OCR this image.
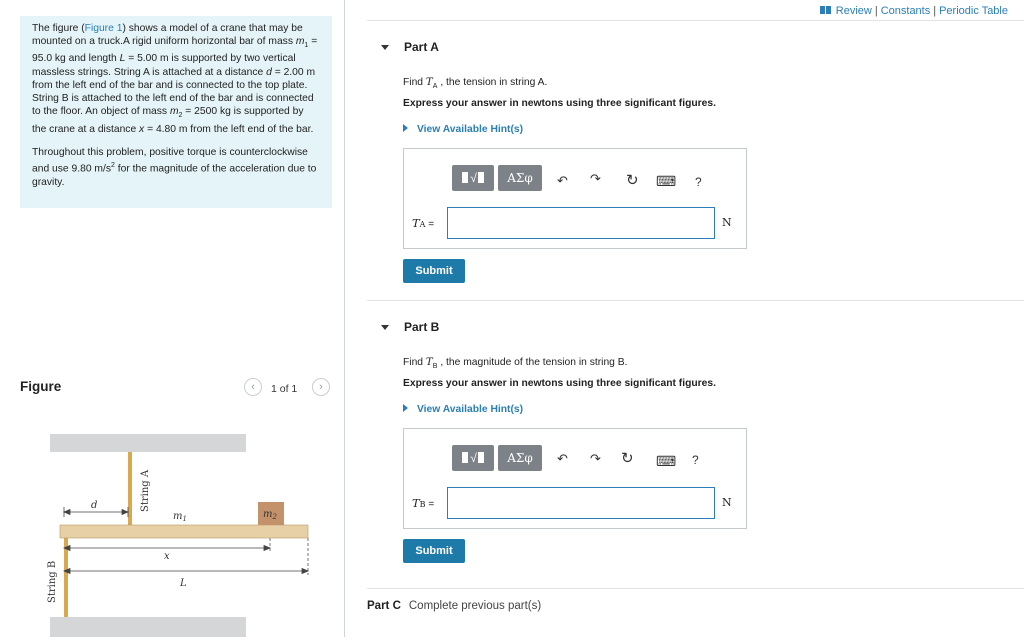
The figure (Figure 1) shows a model of a crane that may be mounted on a truck.A rigid uniform horizontal bar of mass $m_1 = 95.0$ kg and length L = 5.00 m is supported by two vertical massless strings. String A is attached at a distance d = 2.00 m from the left end of the bar and is connected to the top plate. String B is attached to the left end of the bar and is connected to the floor. An object of mass $m_2 = 2500$ kg is supported by the crane at a distance x = 4.80 m from the left end of the bar.

Throughout this problem, positive torque is counterclockwise and use 9.80 $m/s^2$ for the magnitude of the acceleration due to gravity.

Figure	‹	1 of 1	›
String A
String B
$m_2$
$m_1$
d
x
L
Review | Constants | Periodic Table
Part A
Find $T_A$ , the tension in string A.
Express your answer in newtons using three significant figures.
View Available Hint(s)
√	ΑΣφ	↶ ↷ ↻ ⌨ ?
TA =	N
Submit
Part B
Find $T_B$ , the magnitude of the tension in string B.
Express your answer in newtons using three significant figures.
View Available Hint(s)
√	ΑΣφ	↶ ↷ ↻ ⌨ ?
TB =	N
Submit
Part C Complete previous part(s)
